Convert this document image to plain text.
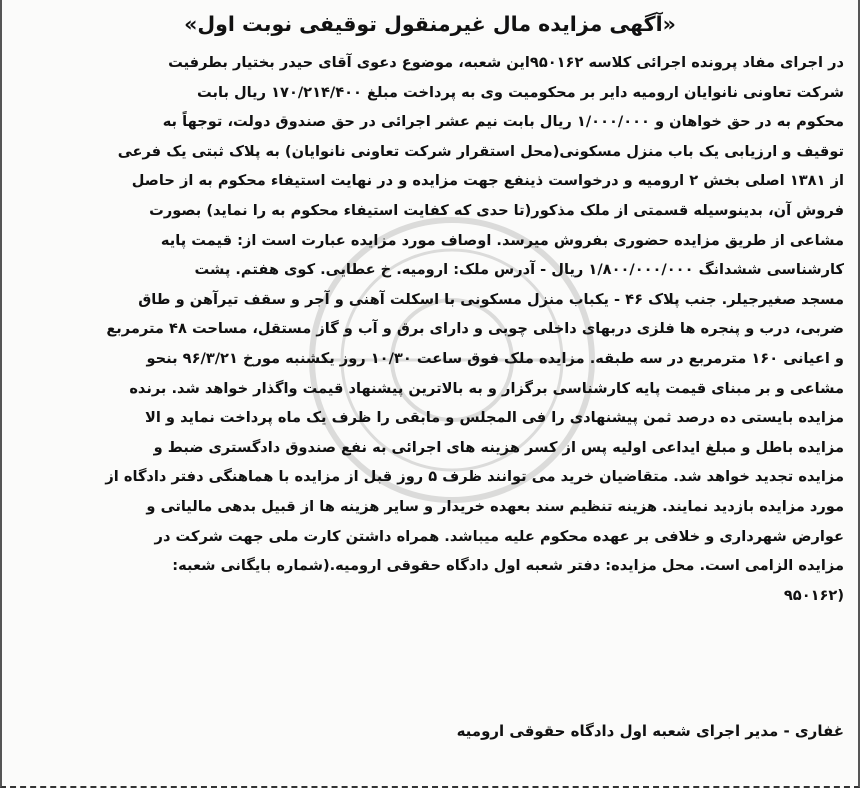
«آگهی مزایده مال غیرمنقول توقیفی نوبت اول»
در اجرای مفاد پرونده اجرائی کلاسه ۹۵۰۱۶۲این شعبه، موضوع دعوی آقای حیدر بختیار بطرفیت
شرکت تعاونی نانوایان ارومیه دایر بر محکومیت وی به پرداخت مبلغ ۱۷۰/۲۱۴/۴۰۰ ریال بابت
محکوم به در حق خواهان و ۱/۰۰۰/۰۰۰ ریال بابت نیم عشر اجرائی در حق صندوق دولت، توجهاً به
توقیف و ارزیابی یک باب منزل مسکونی(محل استقرار شرکت تعاونی نانوایان) به پلاک ثبتی یک فرعی
از ۱۳۸۱ اصلی بخش ۲ ارومیه و درخواست ذینفع جهت مزایده و در نهایت استیفاء محکوم به از حاصل
فروش آن، بدینوسیله قسمتی از ملک مذکور(تا حدی که کفایت استیفاء محکوم به را نماید) بصورت
مشاعی از طریق مزایده حضوری بفروش میرسد. اوصاف مورد مزایده عبارت است از: قیمت پایه
کارشناسی ششدانگ ۱/۸۰۰/۰۰۰/۰۰۰ ریال - آدرس ملک: ارومیه. خ عطایی. کوی هفتم. پشت
مسجد صغیرجیلر. جنب پلاک ۴۶ - یکباب منزل مسکونی با اسکلت آهنی و آجر و سقف تیرآهن و طاق
ضربی، درب و پنجره ها فلزی دربهای داخلی چوبی و دارای برق و آب و گاز مستقل، مساحت ۴۸ مترمربع
و اعیانی ۱۶۰ مترمربع در سه طبقه. مزایده ملک فوق ساعت ۱۰/۳۰ روز یکشنبه مورخ ۹۶/۳/۲۱ بنحو
مشاعی و بر مبنای قیمت پایه کارشناسی برگزار و به بالاترین پیشنهاد قیمت واگذار خواهد شد. برنده
مزایده بایستی ده درصد ثمن پیشنهادی را فی المجلس و مابقی را ظرف یک ماه پرداخت نماید و الا
مزایده باطل و مبلغ ایداعی اولیه پس از کسر هزینه های اجرائی به نفع صندوق دادگستری ضبط و
مزایده تجدید خواهد شد. متقاضیان خرید می توانند ظرف ۵ روز قبل از مزایده با هماهنگی دفتر دادگاه از
مورد مزایده بازدید نمایند. هزینه تنظیم سند بعهده خریدار و سایر هزینه ها از قبیل بدهی مالیاتی و
عوارض شهرداری و خلافی بر عهده محکوم علیه میباشد. همراه داشتن کارت ملی جهت شرکت در
مزایده الزامی است. محل مزایده: دفتر شعبه اول دادگاه حقوقی ارومیه.(شماره بایگانی شعبه:
(۹۵۰۱۶۲
غفاری - مدیر اجرای شعبه اول دادگاه حقوقی ارومیه
